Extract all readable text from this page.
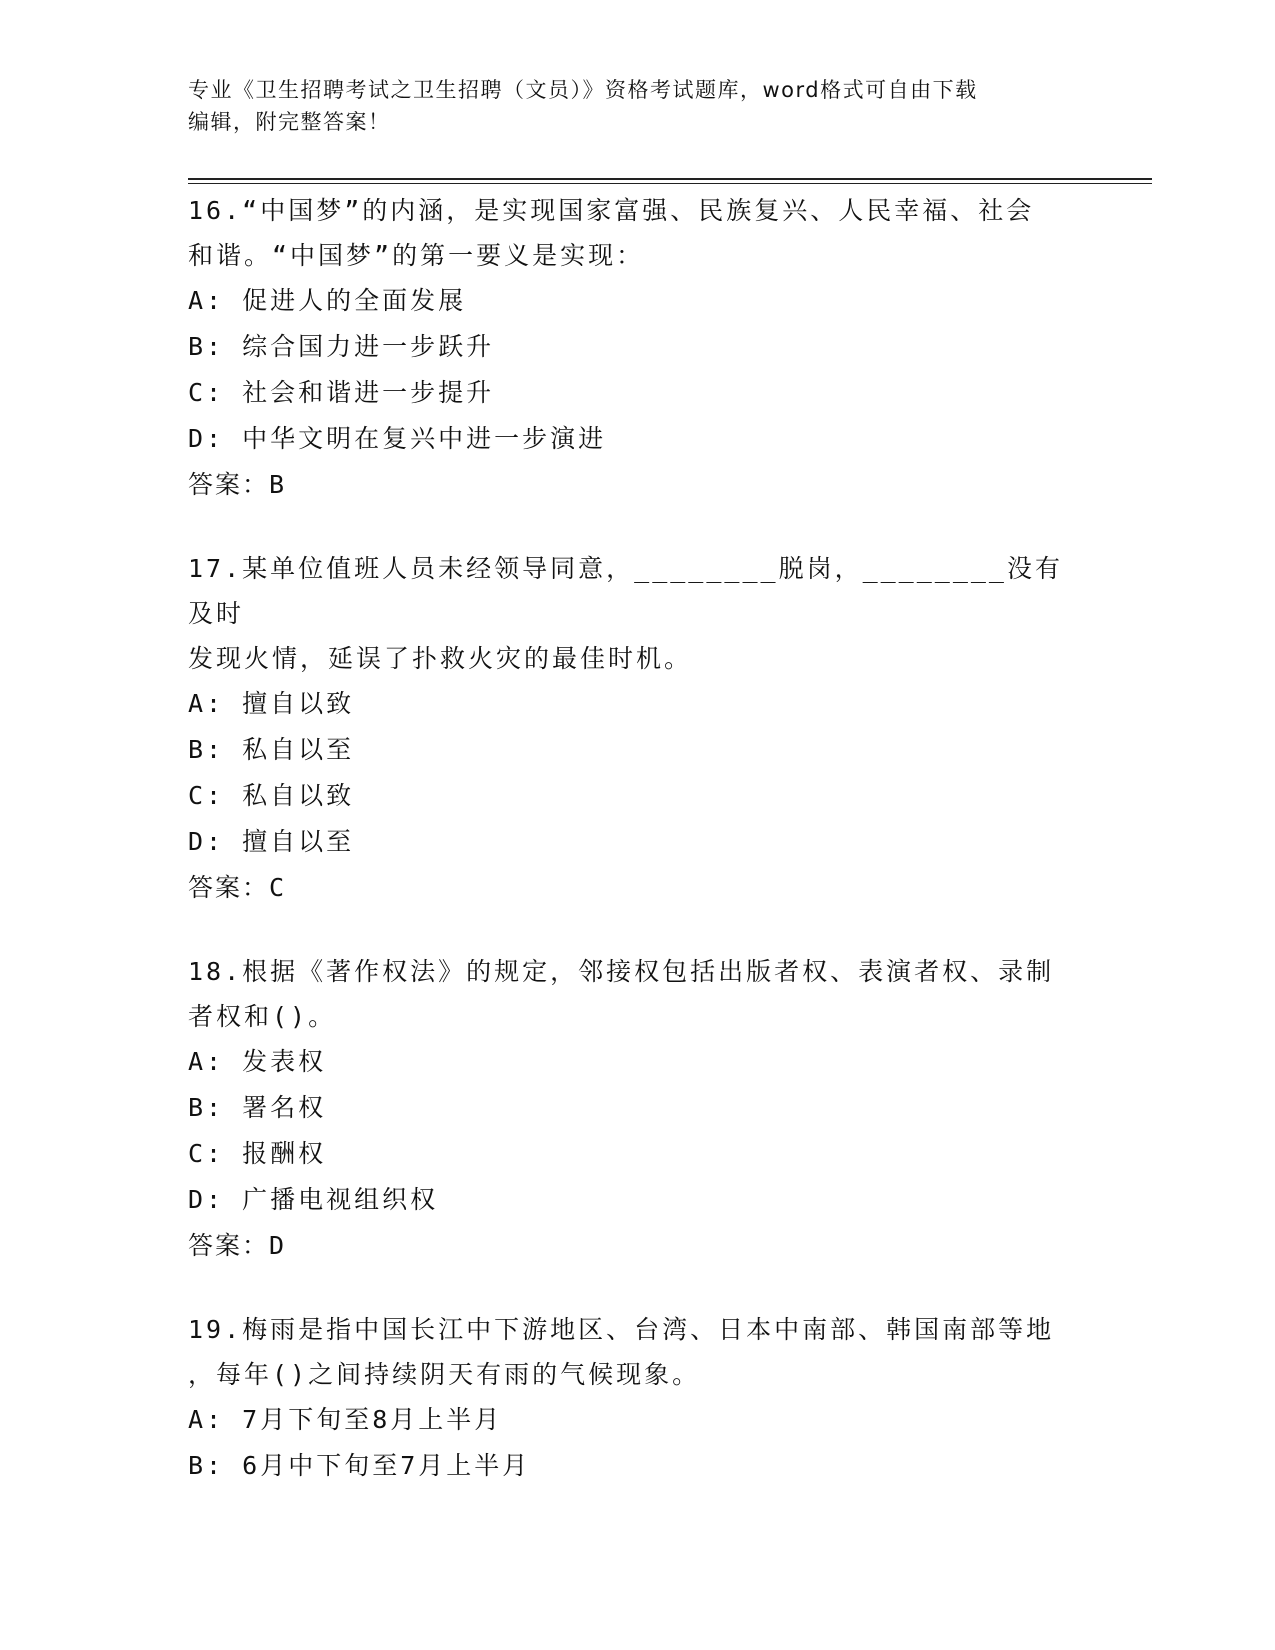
专业《卫生招聘考试之卫生招聘（文员）》资格考试题库，word格式可自由下载
编辑，附完整答案！

16.“中国梦”的内涵，是实现国家富强、民族复兴、人民幸福、社会

和谐。“中国梦”的第一要义是实现：

A: 促进人的全面发展

B: 综合国力进一步跃升

C: 社会和谐进一步提升

D: 中华文明在复兴中进一步演进

答案：B

17.某单位值班人员未经领导同意，________脱岗，________没有及时

发现火情，延误了扑救火灾的最佳时机。

A: 擅自以致

B: 私自以至

C: 私自以致

D: 擅自以至

答案：C

18.根据《著作权法》的规定，邻接权包括出版者权、表演者权、录制

者权和()。

A: 发表权

B: 署名权

C: 报酬权

D: 广播电视组织权

答案：D

19.梅雨是指中国长江中下游地区、台湾、日本中南部、韩国南部等地

，每年()之间持续阴天有雨的气候现象。

A: 7月下旬至8月上半月

B: 6月中下旬至7月上半月
